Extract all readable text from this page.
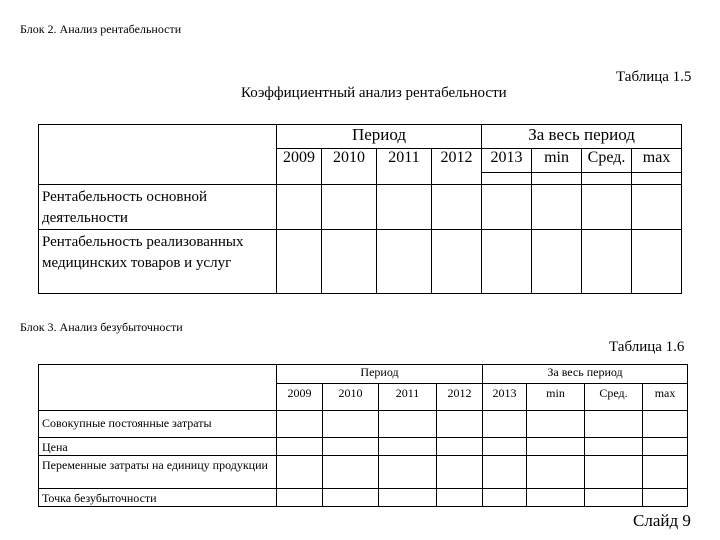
Блок 2. Анализ рентабельности
Таблица 1.5
Коэффициентный анализ рентабельности
	Период				За весь период			
	2009	2010	2011	2012	2013	min	Сред.	max

Рентабельность основной деятельности								
Рентабельность реализованных медицинских товаров и услуг								
Блок 3. Анализ безубыточности
Таблица 1.6
	Период				За весь период			
	2009	2010	2011	2012	2013	min	Сред.	max
Совокупные постоянные затраты								
Цена								
Переменные затраты на единицу продукции								
Точка безубыточности								
Слайд 9
